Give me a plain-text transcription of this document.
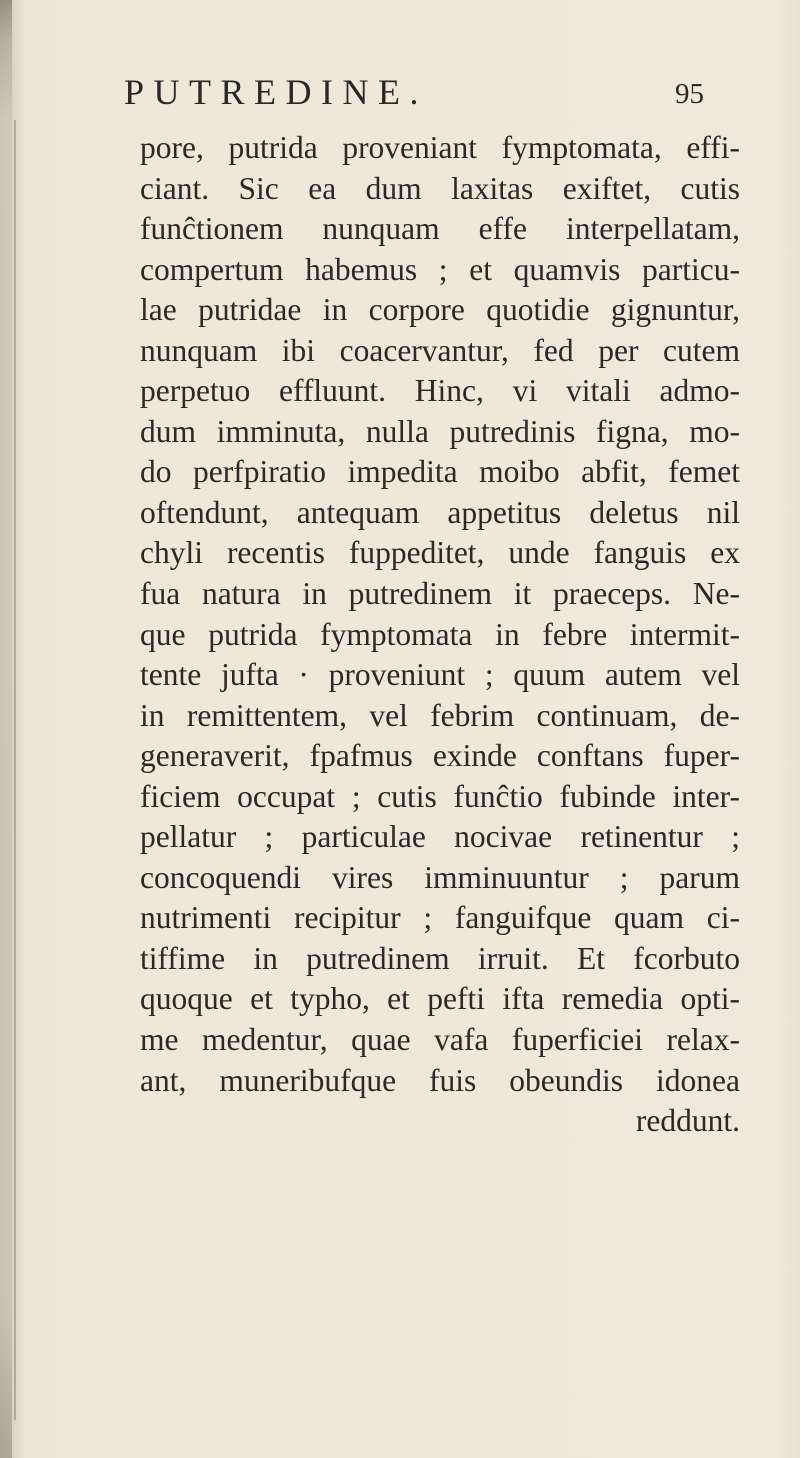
PUTREDINE.	95
pore, putrida proveniant fymptomata, effi-
ciant. Sic ea dum laxitas exiftet, cutis
funĉtionem nunquam effe interpellatam,
compertum habemus ; et quamvis particu-
lae putridae in corpore quotidie gignuntur,
nunquam ibi coacervantur, fed per cutem
perpetuo effluunt. Hinc, vi vitali admo-
dum imminuta, nulla putredinis figna, mo-
do perfpiratio impedita moibo abfit, femet
oftendunt, antequam appetitus deletus nil
chyli recentis fuppeditet, unde fanguis ex
fua natura in putredinem it praeceps. Ne-
que putrida fymptomata in febre intermit-
tente jufta · proveniunt ; quum autem vel
in remittentem, vel febrim continuam, de-
generaverit, fpafmus exinde conftans fuper-
ficiem occupat ; cutis funĉtio fubinde inter-
pellatur ; particulae nocivae retinentur ;
concoquendi vires imminuuntur ; parum
nutrimenti recipitur ; fanguifque quam ci-
tiffime in putredinem irruit. Et fcorbuto
quoque et typho, et pefti ifta remedia opti-
me medentur, quae vafa fuperficiei relax-
ant, muneribufque fuis obeundis idonea
reddunt.
